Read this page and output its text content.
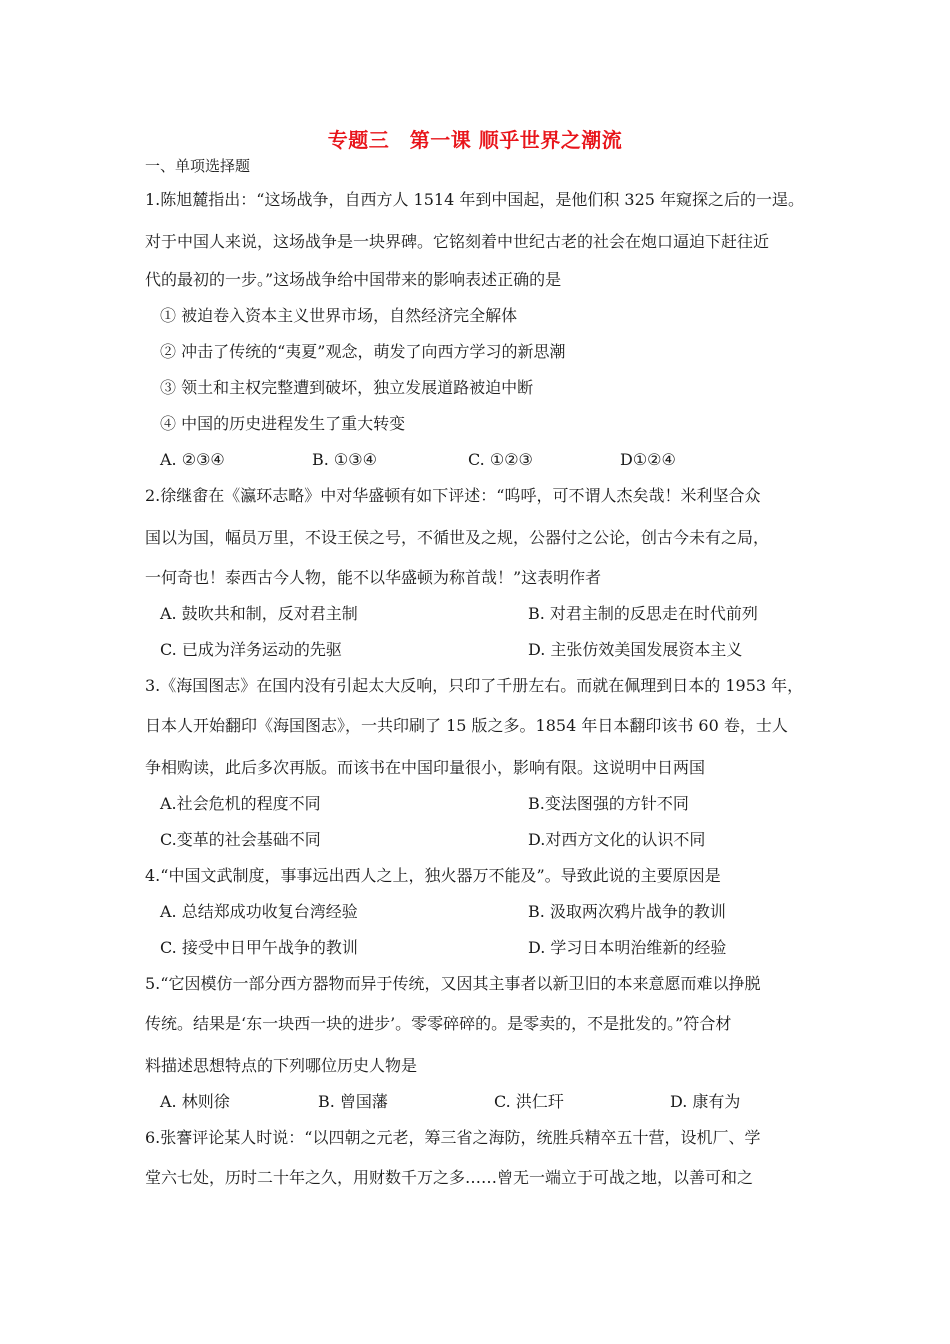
专题三　第一课 顺乎世界之潮流
一、单项选择题
1.陈旭麓指出：“这场战争，自西方人 1514 年到中国起，是他们积 325 年窥探之后的一逞。
对于中国人来说，这场战争是一块界碑。它铭刻着中世纪古老的社会在炮口逼迫下赶往近
代的最初的一步。”这场战争给中国带来的影响表述正确的是
① 被迫卷入资本主义世界市场，自然经济完全解体
② 冲击了传统的“夷夏”观念，萌发了向西方学习的新思潮
③ 领土和主权完整遭到破坏，独立发展道路被迫中断
④ 中国的历史进程发生了重大转变
A. ②③④	B. ①③④	C. ①②③	D①②④
2.徐继畬在《瀛环志略》中对华盛顿有如下评述：“呜呼，可不谓人杰矣哉！米利坚合众
国以为国，幅员万里，不设王侯之号，不循世及之规，公器付之公论，创古今未有之局，
一何奇也！泰西古今人物，能不以华盛顿为称首哉！”这表明作者
A. 鼓吹共和制，反对君主制	B. 对君主制的反思走在时代前列
C. 已成为洋务运动的先驱	D. 主张仿效美国发展资本主义
3.《海国图志》在国内没有引起太大反响，只印了千册左右。而就在佩理到日本的 1953 年，
日本人开始翻印《海国图志》，一共印刷了 15 版之多。1854 年日本翻印该书 60 卷，士人
争相购读，此后多次再版。而该书在中国印量很小，影响有限。这说明中日两国
A.社会危机的程度不同	B.变法图强的方针不同
C.变革的社会基础不同	D.对西方文化的认识不同
4.“中国文武制度，事事远出西人之上，独火器万不能及”。导致此说的主要原因是
A. 总结郑成功收复台湾经验	B. 汲取两次鸦片战争的教训
C. 接受中日甲午战争的教训	D. 学习日本明治维新的经验
5.“它因模仿一部分西方器物而异于传统，又因其主事者以新卫旧的本来意愿而难以挣脱
传统。结果是‘东一块西一块的进步’。零零碎碎的。是零卖的，不是批发的。”符合材
料描述思想特点的下列哪位历史人物是
A. 林则徐	B. 曾国藩	C. 洪仁玕	D. 康有为
6.张謇评论某人时说：“以四朝之元老，筹三省之海防，统胜兵精卒五十营，设机厂、学
堂六七处，历时二十年之久，用财数千万之多……曾无一端立于可战之地，以善可和之
